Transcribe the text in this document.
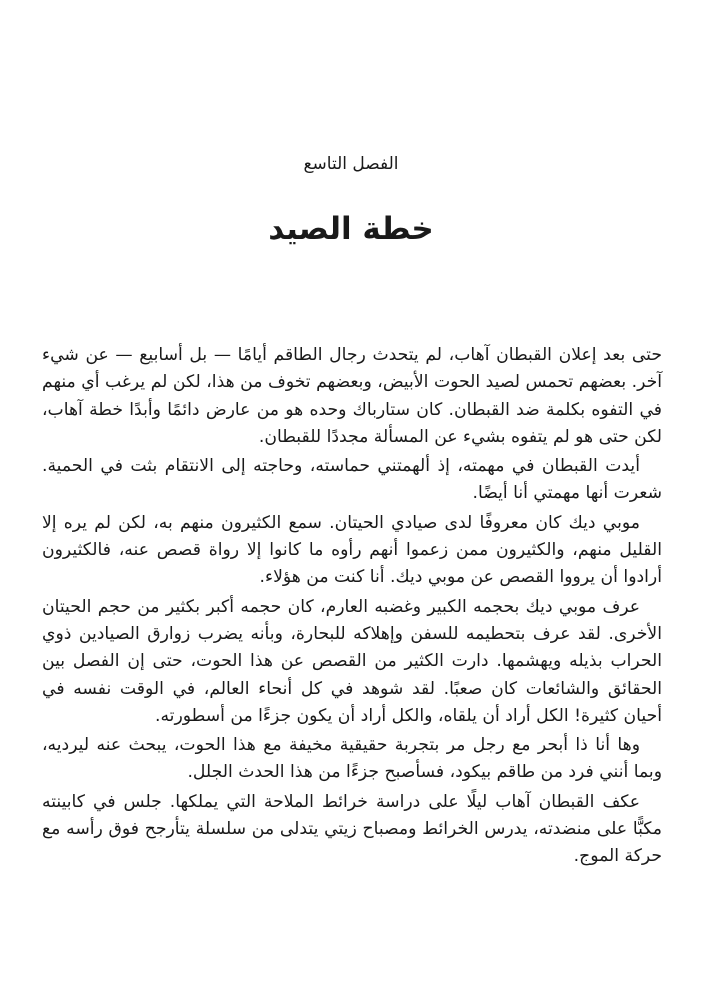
الفصل التاسع
خطة الصيد

حتى بعد إعلان القبطان آهاب، لم يتحدث رجال الطاقم أيامًا — بل أسابيع — عن شيء آخر. بعضهم تحمس لصيد الحوت الأبيض، وبعضهم تخوف من هذا، لكن لم يرغب أي منهم في التفوه بكلمة ضد القبطان. كان ستارباك وحده هو من عارض دائمًا وأبدًا خطة آهاب، لكن حتى هو لم يتفوه بشيء عن المسألة مجددًا للقبطان.

أيدت القبطان في مهمته، إذ ألهمتني حماسته، وحاجته إلى الانتقام بثت في الحمية. شعرت أنها مهمتي أنا أيضًا.

موبي ديك كان معروفًا لدى صيادي الحيتان. سمع الكثيرون منهم به، لكن لم يره إلا القليل منهم، والكثيرون ممن زعموا أنهم رأوه ما كانوا إلا رواة قصص عنه، فالكثيرون أرادوا أن يرووا القصص عن موبي ديك. أنا كنت من هؤلاء.

عرف موبي ديك بحجمه الكبير وغضبه العارم، كان حجمه أكبر بكثير من حجم الحيتان الأخرى. لقد عرف بتحطيمه للسفن وإهلاكه للبحارة، وبأنه يضرب زوارق الصيادين ذوي الحراب بذيله ويهشمها. دارت الكثير من القصص عن هذا الحوت، حتى إن الفصل بين الحقائق والشائعات كان صعبًا. لقد شوهد في كل أنحاء العالم، في الوقت نفسه في أحيان كثيرة! الكل أراد أن يلقاه، والكل أراد أن يكون جزءًا من أسطورته.

وها أنا ذا أبحر مع رجل مر بتجربة حقيقية مخيفة مع هذا الحوت، يبحث عنه ليرديه، وبما أنني فرد من طاقم بيكود، فسأصبح جزءًا من هذا الحدث الجلل.

عكف القبطان آهاب ليلًا على دراسة خرائط الملاحة التي يملكها. جلس في كابينته مكبًّا على منضدته، يدرس الخرائط ومصباح زيتي يتدلى من سلسلة يتأرجح فوق رأسه مع حركة الموج.
